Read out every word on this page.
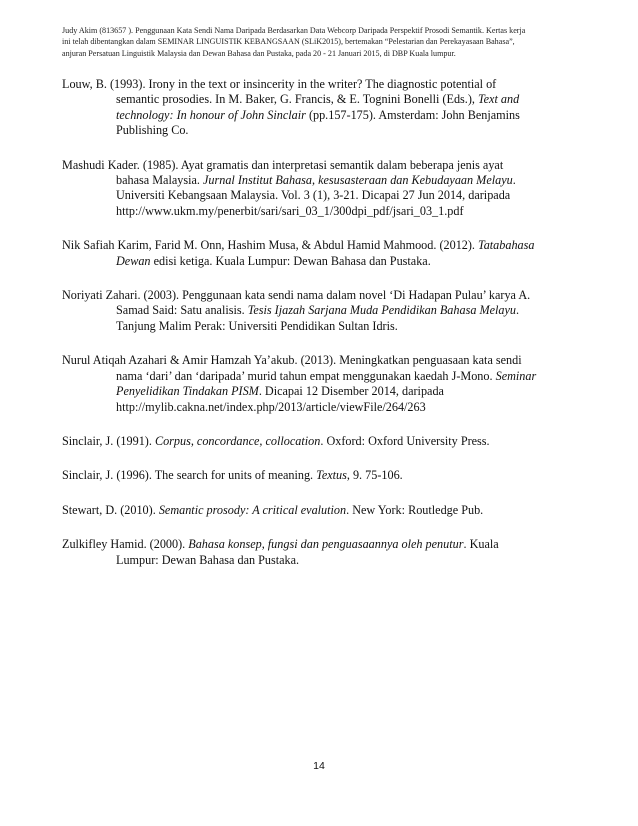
Judy Akim (813657 ). Penggunaan Kata Sendi Nama Daripada Berdasarkan Data Webcorp Daripada Perspektif Prosodi Semantik. Kertas kerja
ini telah dibentangkan dalam SEMINAR LINGUISTIK KEBANGSAAN (SLiK2015), bertemakan “Pelestarian dan Perekayasaan Bahasa”,
anjuran Persatuan Linguistik Malaysia dan Dewan Bahasa dan Pustaka, pada 20 - 21 Januari 2015, di DBP Kuala lumpur.
Louw, B. (1993). Irony in the text or insincerity in the writer? The diagnostic potential of
semantic prosodies. In M. Baker, G. Francis, & E. Tognini Bonelli (Eds.), Text and
technology: In honour of John Sinclair (pp.157-175). Amsterdam: John Benjamins
Publishing Co.
Mashudi Kader. (1985). Ayat gramatis dan interpretasi semantik dalam beberapa jenis ayat
bahasa Malaysia. Jurnal Institut Bahasa, kesusasteraan dan Kebudayaan Melayu.
Universiti Kebangsaan Malaysia. Vol. 3 (1), 3-21. Dicapai 27 Jun 2014, daripada
http://www.ukm.my/penerbit/sari/sari_03_1/300dpi_pdf/jsari_03_1.pdf
Nik Safiah Karim, Farid M. Onn, Hashim Musa, & Abdul Hamid Mahmood. (2012). Tatabahasa
Dewan edisi ketiga. Kuala Lumpur: Dewan Bahasa dan Pustaka.
Noriyati Zahari. (2003). Penggunaan kata sendi nama dalam novel ‘Di Hadapan Pulau’ karya A.
Samad Said: Satu analisis. Tesis Ijazah Sarjana Muda Pendidikan Bahasa Melayu.
Tanjung Malim Perak: Universiti Pendidikan Sultan Idris.
Nurul Atiqah Azahari & Amir Hamzah Ya’akub. (2013). Meningkatkan penguasaan kata sendi
nama ‘dari’ dan ‘daripada’ murid tahun empat menggunakan kaedah J-Mono. Seminar
Penyelidikan Tindakan PISM. Dicapai 12 Disember 2014, daripada
http://mylib.cakna.net/index.php/2013/article/viewFile/264/263
Sinclair, J. (1991). Corpus, concordance, collocation. Oxford: Oxford University Press.
Sinclair, J. (1996). The search for units of meaning. Textus, 9. 75-106.
Stewart, D. (2010). Semantic prosody: A critical evalution. New York: Routledge Pub.
Zulkifley Hamid. (2000). Bahasa konsep, fungsi dan penguasaannya oleh penutur. Kuala
Lumpur: Dewan Bahasa dan Pustaka.
14
